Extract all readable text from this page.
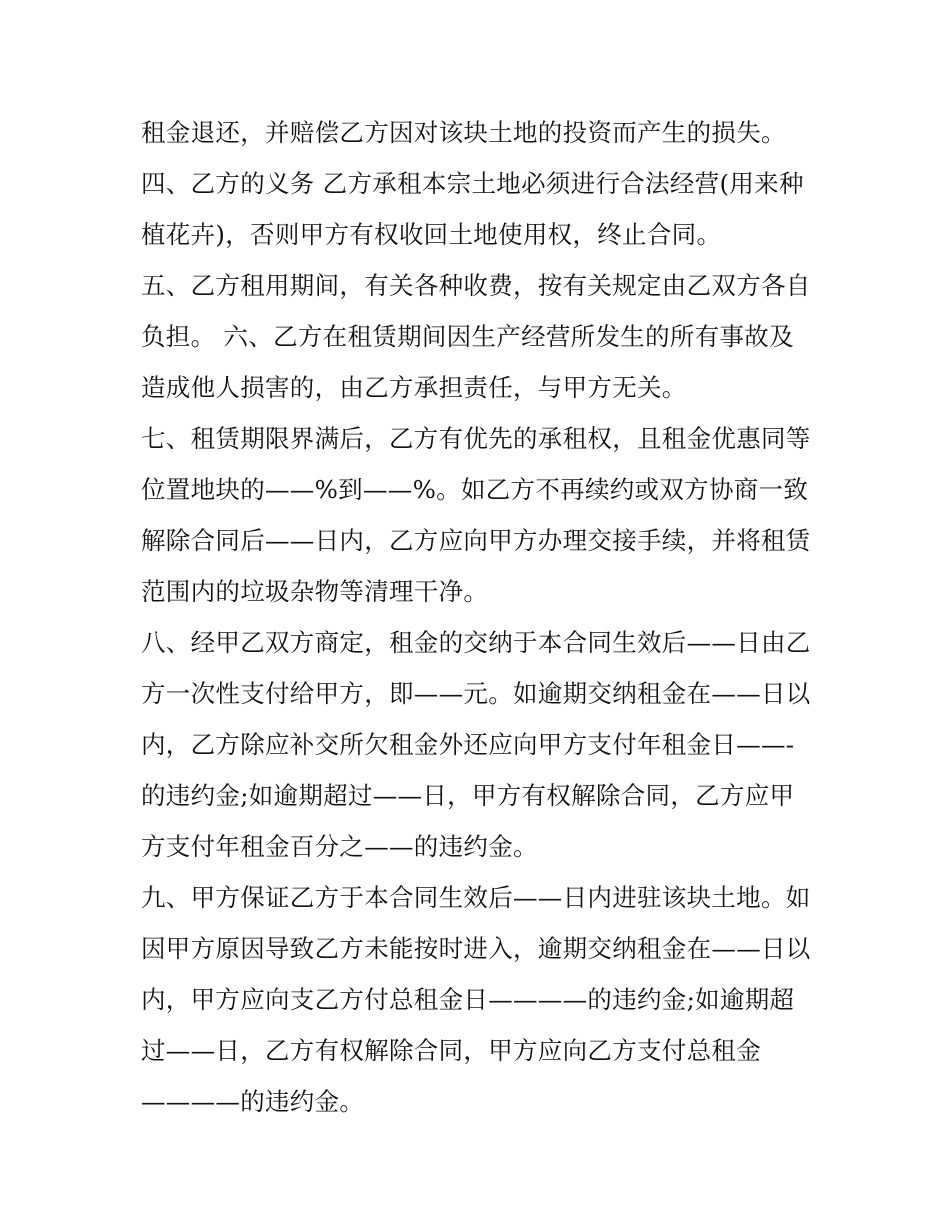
租金退还，并赔偿乙方因对该块土地的投资而产生的损失。
四、乙方的义务 乙方承租本宗土地必须进行合法经营(用来种
植花卉)，否则甲方有权收回土地使用权，终止合同。
五、乙方租用期间，有关各种收费，按有关规定由乙双方各自
负担。 六、乙方在租赁期间因生产经营所发生的所有事故及
造成他人损害的，由乙方承担责任，与甲方无关。
七、租赁期限界满后，乙方有优先的承租权，且租金优惠同等
位置地块的——%到——%。如乙方不再续约或双方协商一致
解除合同后——日内，乙方应向甲方办理交接手续，并将租赁
范围内的垃圾杂物等清理干净。
八、经甲乙双方商定，租金的交纳于本合同生效后——日由乙
方一次性支付给甲方，即——元。如逾期交纳租金在——日以
内，乙方除应补交所欠租金外还应向甲方支付年租金日——-
的违约金;如逾期超过——日，甲方有权解除合同，乙方应甲
方支付年租金百分之——的违约金。
九、甲方保证乙方于本合同生效后——日内进驻该块土地。如
因甲方原因导致乙方未能按时进入，逾期交纳租金在——日以
内，甲方应向支乙方付总租金日————的违约金;如逾期超
过——日，乙方有权解除合同，甲方应向乙方支付总租金
————的违约金。
